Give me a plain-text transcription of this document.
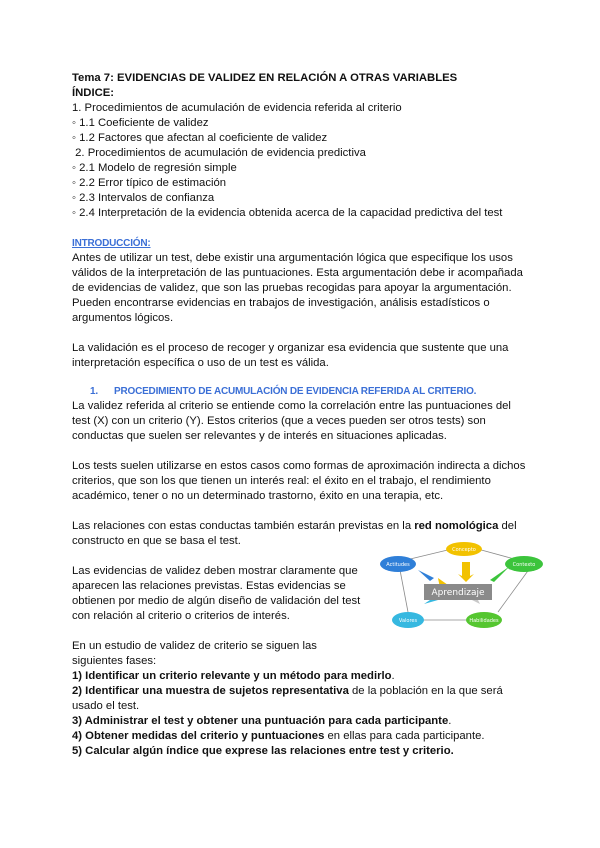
Tema 7: EVIDENCIAS DE VALIDEZ EN RELACIÓN A OTRAS VARIABLES
ÍNDICE:

1. Procedimientos de acumulación de evidencia referida al criterio

◦ 1.1 Coeficiente de validez

◦ 1.2 Factores que afectan al coeficiente de validez

2. Procedimientos de acumulación de evidencia predictiva

◦ 2.1 Modelo de regresión simple

◦ 2.2 Error típico de estimación

◦ 2.3 Intervalos de confianza

◦ 2.4 Interpretación de la evidencia obtenida acerca de la capacidad predictiva del test

INTRODUCCIÓN:

Antes de utilizar un test, debe existir una argumentación lógica que especifique los usos válidos de la interpretación de las puntuaciones. Esta argumentación debe ir acompañada de evidencias de validez, que son las pruebas recogidas para apoyar la argumentación. Pueden encontrarse evidencias en trabajos de investigación, análisis estadísticos o argumentos lógicos.

La validación es el proceso de recoger y organizar esa evidencia que sustente que una interpretación específica o uso de un test es válida.

1. PROCEDIMIENTO DE ACUMULACIÓN DE EVIDENCIA REFERIDA AL CRITERIO.

La validez referida al criterio se entiende como la correlación entre las puntuaciones del test (X) con un criterio (Y). Estos criterios (que a veces pueden ser otros tests) son conductas que suelen ser relevantes y de interés en situaciones aplicadas.

Los tests suelen utilizarse en estos casos como formas de aproximación indirecta a dichos criterios, que son los que tienen un interés real: el éxito en el trabajo, el rendimiento académico, tener o no un determinado trastorno, éxito en una terapia, etc.

Las relaciones con estas conductas también estarán previstas en la red nomológica del constructo en que se basa el test.

Las evidencias de validez deben mostrar claramente que aparecen las relaciones previstas. Estas evidencias se obtienen por medio de algún diseño de validación del test con relación al criterio o criterios de interés.

En un estudio de validez de criterio se siguen las siguientes fases:

1) Identificar un criterio relevante y un método para medirlo.

2) Identificar una muestra de sujetos representativa de la población en la que será usado el test.

3) Administrar el test y obtener una puntuación para cada participante.

4) Obtener medidas del criterio y puntuaciones en ellas para cada participante.

5) Calcular algún índice que exprese las relaciones entre test y criterio.

Concepto
Contexto
Actitudes
Habilidades
Valores
Aprendizaje
